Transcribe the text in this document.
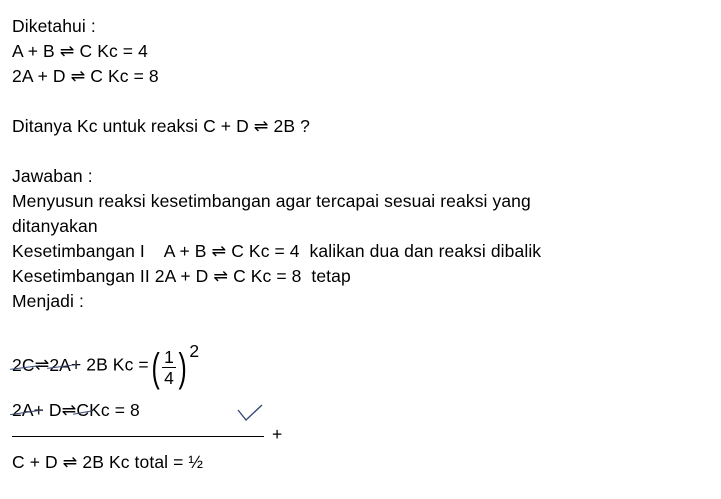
Diketahui :
A + B ⇌ C Kc = 4
2A + D ⇌ C Kc = 8
Ditanya Kc untuk reaksi C + D ⇌ 2B ?
Jawaban :
Menyusun reaksi kesetimbangan agar tercapai sesuai reaksi yang
ditanyakan
Kesetimbangan I    A + B ⇌ C Kc = 4  kalikan dua dan reaksi dibalik
Kesetimbangan II 2A + D ⇌ C Kc = 8  tetap
Menjadi :
2C⇌2A+ 2B Kc = ( $\frac{1}{4}$ ) 2
2A+ D⇌CKc = 8
+
C + D ⇌ 2B Kc total = ½
